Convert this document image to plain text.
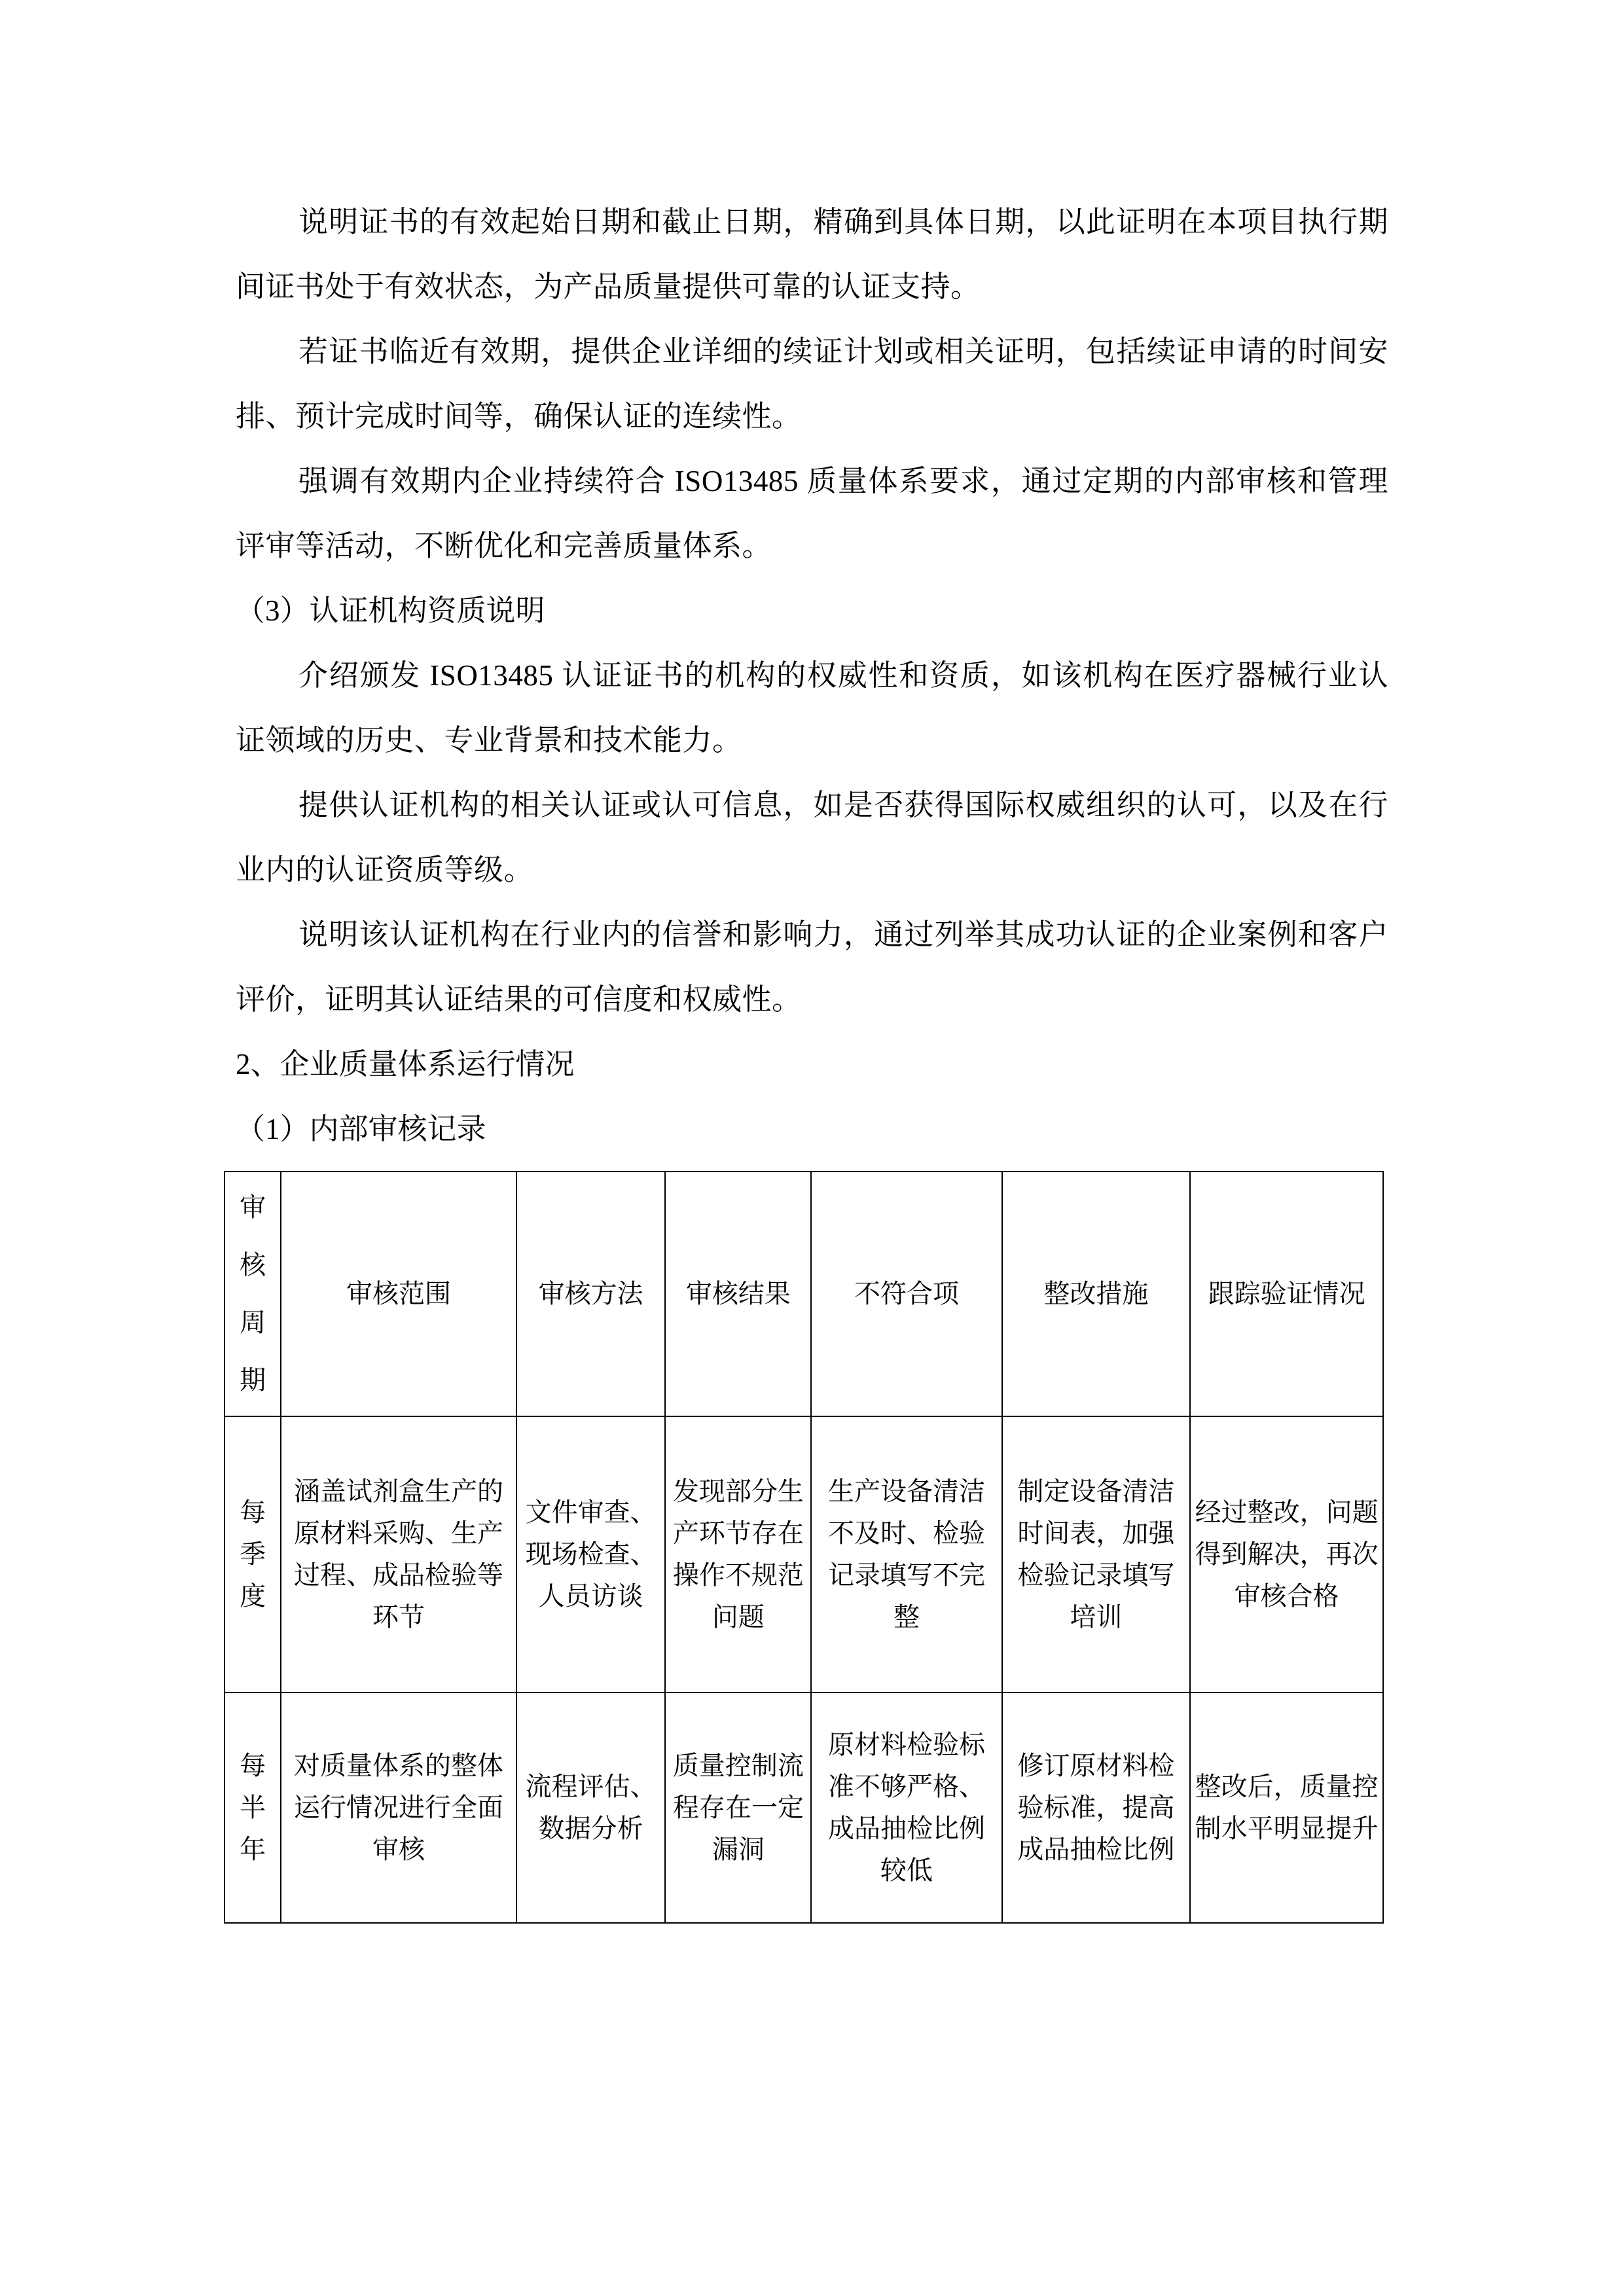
说明证书的有效起始日期和截止日期，精确到具体日期，以此证明在本项目执行期间证书处于有效状态，为产品质量提供可靠的认证支持。

若证书临近有效期，提供企业详细的续证计划或相关证明，包括续证申请的时间安排、预计完成时间等，确保认证的连续性。

强调有效期内企业持续符合 ISO13485 质量体系要求，通过定期的内部审核和管理评审等活动，不断优化和完善质量体系。

（3）认证机构资质说明

介绍颁发 ISO13485 认证证书的机构的权威性和资质，如该机构在医疗器械行业认证领域的历史、专业背景和技术能力。

提供认证机构的相关认证或认可信息，如是否获得国际权威组织的认可，以及在行业内的认证资质等级。

说明该认证机构在行业内的信誉和影响力，通过列举其成功认证的企业案例和客户评价，证明其认证结果的可信度和权威性。

2、企业质量体系运行情况

（1）内部审核记录

审核周期	审核范围	审核方法	审核结果	不符合项	整改措施	跟踪验证情况
每季度	涵盖试剂盒生产的原材料采购、生产过程、成品检验等环节	文件审查、现场检查、人员访谈	发现部分生产环节存在操作不规范问题	生产设备清洁不及时、检验记录填写不完整	制定设备清洁时间表，加强检验记录填写培训	经过整改，问题得到解决，再次审核合格
每半年	对质量体系的整体运行情况进行全面审核	流程评估、数据分析	质量控制流程存在一定漏洞	原材料检验标准不够严格、成品抽检比例较低	修订原材料检验标准，提高成品抽检比例	整改后，质量控制水平明显提升
